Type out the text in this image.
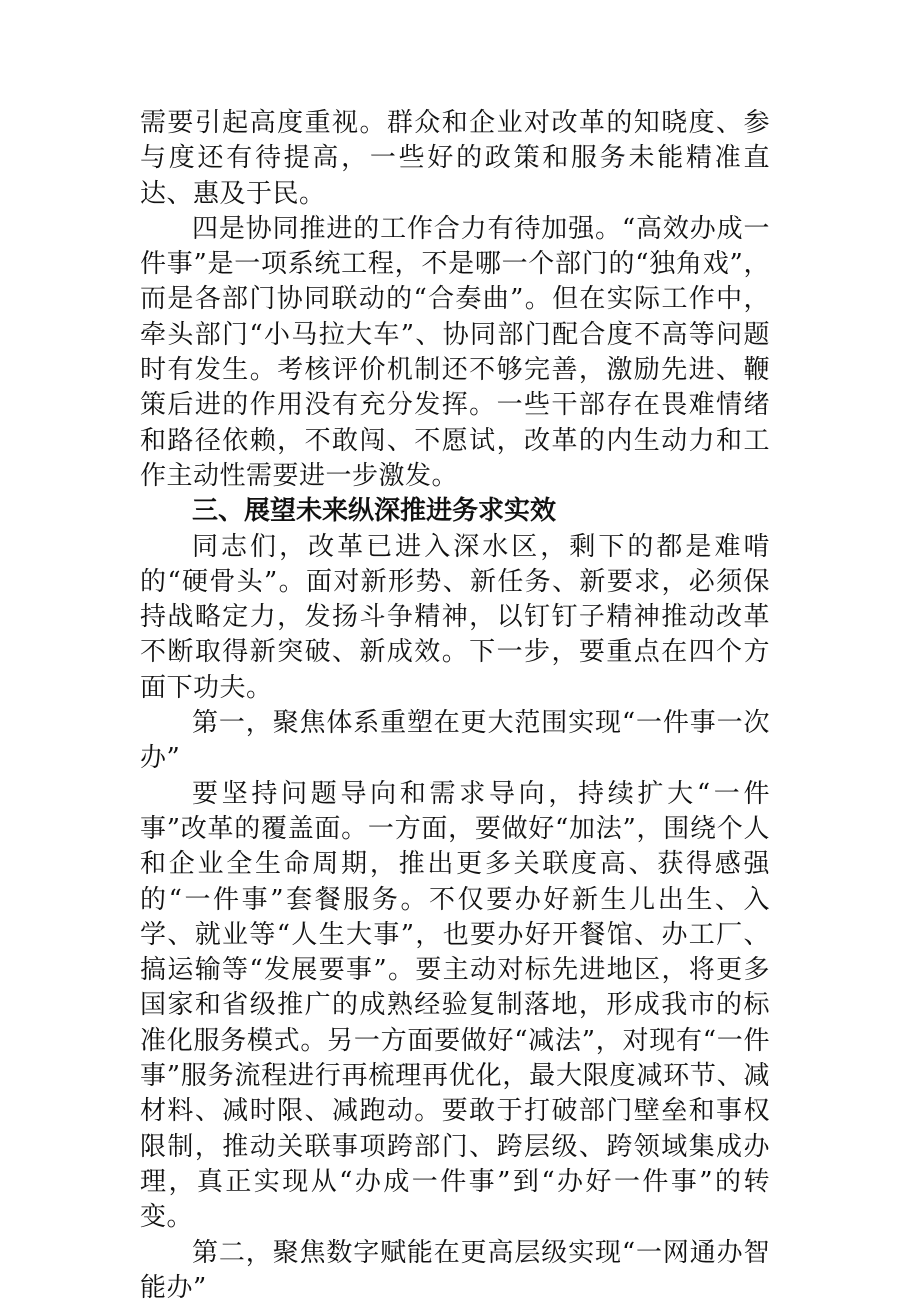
需要引起高度重视。群众和企业对改革的知晓度、参与度还有待提高，一些好的政策和服务未能精准直达、惠及于民。

四是协同推进的工作合力有待加强。“高效办成一件事”是一项系统工程，不是哪一个部门的“独角戏”，而是各部门协同联动的“合奏曲”。但在实际工作中，牵头部门“小马拉大车”、协同部门配合度不高等问题时有发生。考核评价机制还不够完善，激励先进、鞭策后进的作用没有充分发挥。一些干部存在畏难情绪和路径依赖，不敢闯、不愿试，改革的内生动力和工作主动性需要进一步激发。

三、展望未来纵深推进务求实效

同志们，改革已进入深水区，剩下的都是难啃的“硬骨头”。面对新形势、新任务、新要求，必须保持战略定力，发扬斗争精神，以钉钉子精神推动改革不断取得新突破、新成效。下一步，要重点在四个方面下功夫。

第一，聚焦体系重塑在更大范围实现“一件事一次办”

要坚持问题导向和需求导向，持续扩大“一件事”改革的覆盖面。一方面，要做好“加法”，围绕个人和企业全生命周期，推出更多关联度高、获得感强的“一件事”套餐服务。不仅要办好新生儿出生、入学、就业等“人生大事”，也要办好开餐馆、办工厂、搞运输等“发展要事”。要主动对标先进地区，将更多国家和省级推广的成熟经验复制落地，形成我市的标准化服务模式。另一方面要做好“减法”，对现有“一件事”服务流程进行再梳理再优化，最大限度减环节、减材料、减时限、减跑动。要敢于打破部门壁垒和事权限制，推动关联事项跨部门、跨层级、跨领域集成办理，真正实现从“办成一件事”到“办好一件事”的转变。

第二，聚焦数字赋能在更高层级实现“一网通办智能办”
